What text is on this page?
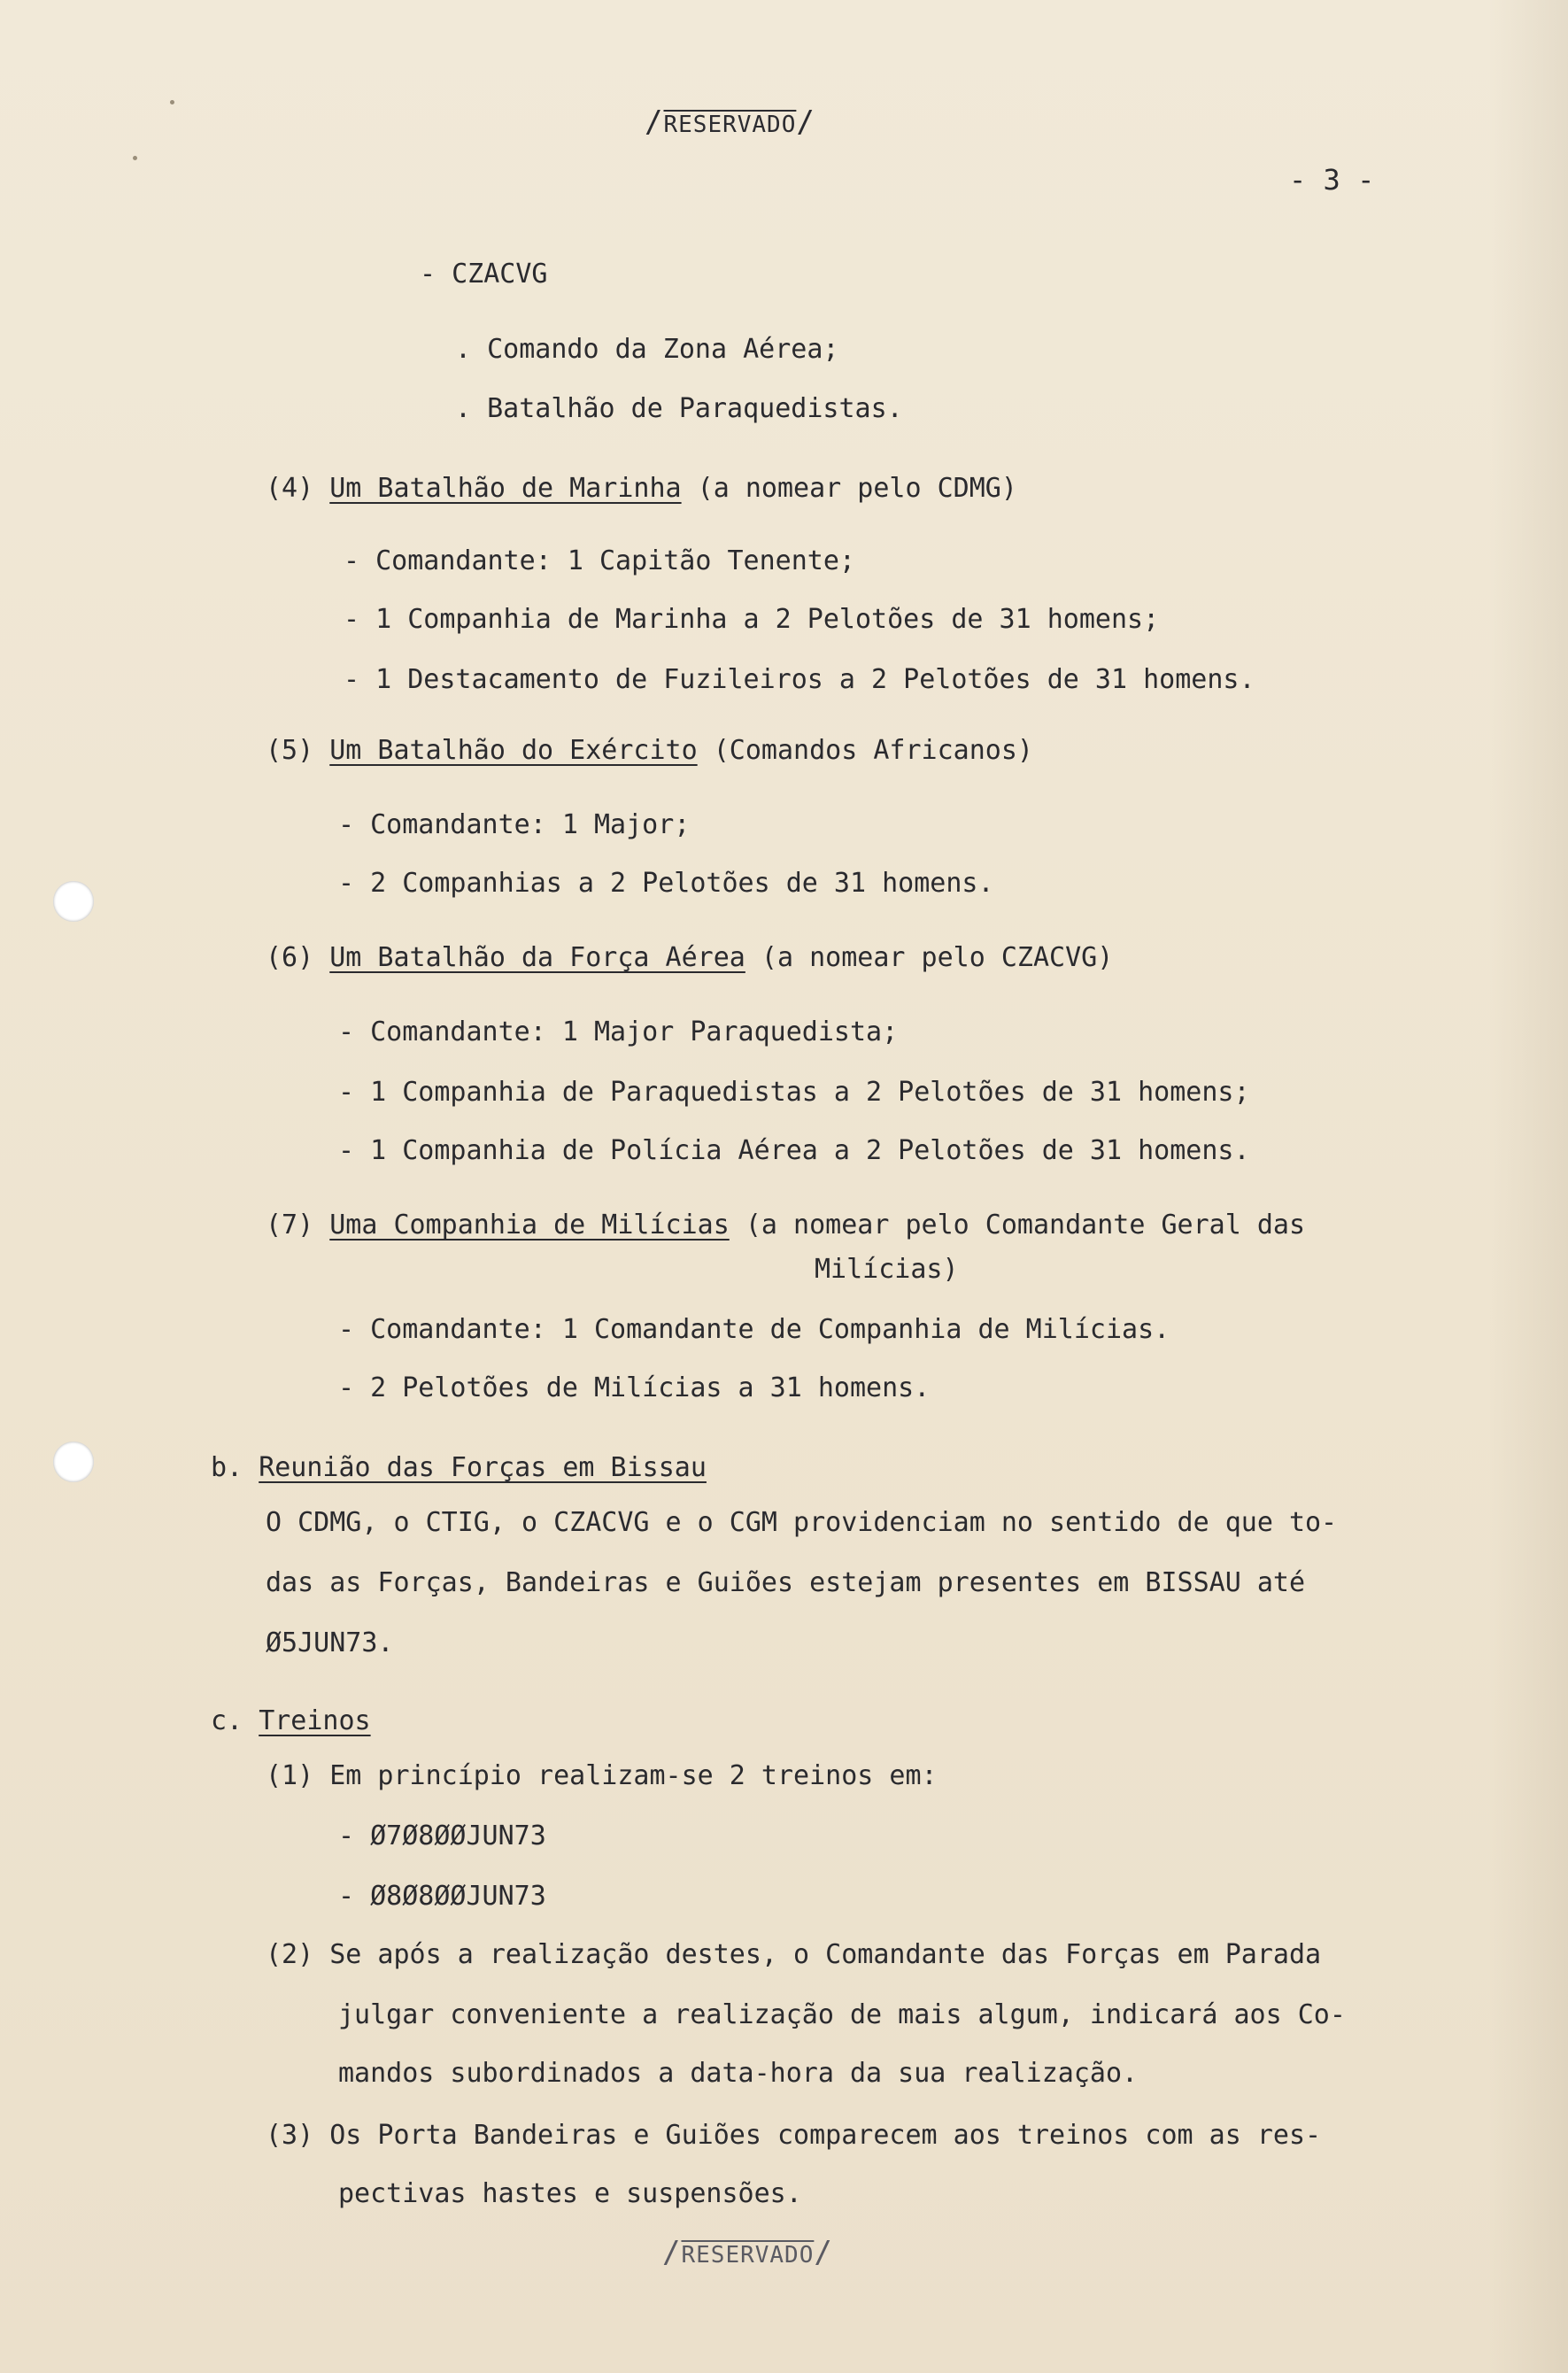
/RESERVADO/
- 3 -
- CZACVG
. Comando da Zona Aérea;
. Batalhão de Paraquedistas.
(4) Um Batalhão de Marinha (a nomear pelo CDMG)
- Comandante: 1 Capitão Tenente;
- 1 Companhia de Marinha a 2 Pelotões de 31 homens;
- 1 Destacamento de Fuzileiros a 2 Pelotões de 31 homens.
(5) Um Batalhão do Exército (Comandos Africanos)
- Comandante: 1 Major;
- 2 Companhias a 2 Pelotões de 31 homens.
(6) Um Batalhão da Força Aérea (a nomear pelo CZACVG)
- Comandante: 1 Major Paraquedista;
- 1 Companhia de Paraquedistas a 2 Pelotões de 31 homens;
- 1 Companhia de Polícia Aérea a 2 Pelotões de 31 homens.
(7) Uma Companhia de Milícias (a nomear pelo Comandante Geral das
Milícias)
- Comandante: 1 Comandante de Companhia de Milícias.
- 2 Pelotões de Milícias a 31 homens.
b. Reunião das Forças em Bissau
O CDMG, o CTIG, o CZACVG e o CGM providenciam no sentido de que to-
das as Forças, Bandeiras e Guiões estejam presentes em BISSAU até
Ø5JUN73.
c. Treinos
(1) Em princípio realizam-se 2 treinos em:
- Ø7Ø8ØØJUN73
- Ø8Ø8ØØJUN73
(2) Se após a realização destes, o Comandante das Forças em Parada
julgar conveniente a realização de mais algum, indicará aos Co-
mandos subordinados a data-hora da sua realização.
(3) Os Porta Bandeiras e Guiões comparecem aos treinos com as res-
pectivas hastes e suspensões.
/RESERVADO/
